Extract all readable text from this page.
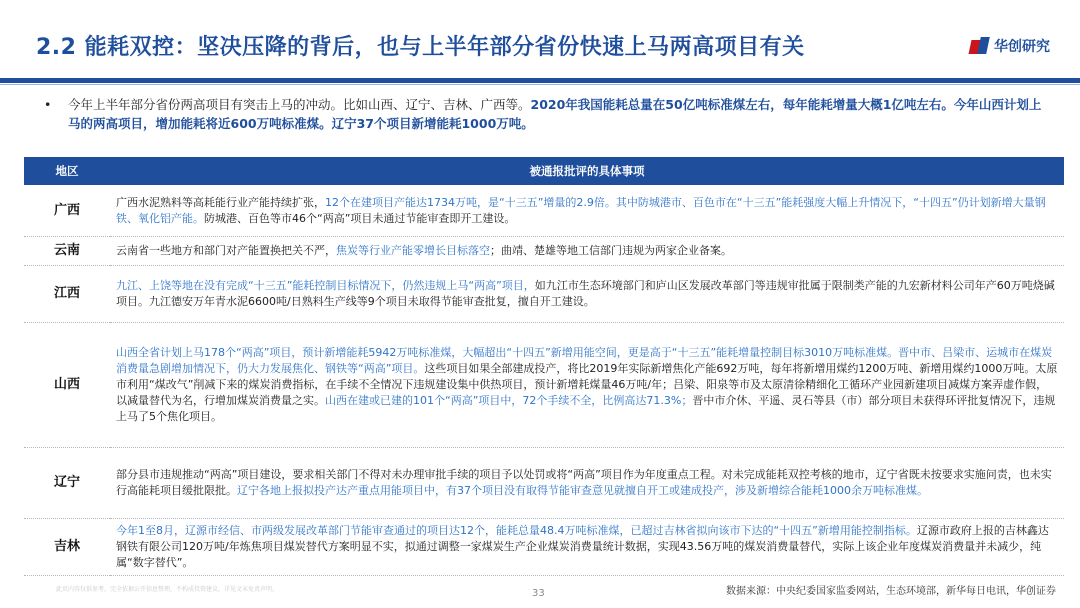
2.2 能耗双控：坚决压降的背后，也与上半年部分省份快速上马两高项目有关	华创研究
• 今年上半年部分省份两高项目有突击上马的冲动。比如山西、辽宁、吉林、广西等。2020年我国能耗总量在50亿吨标准煤左右，每年能耗增量大概1亿吨左右。今年山西计划上马的两高项目，增加能耗将近600万吨标准煤。辽宁37个项目新增能耗1000万吨。
地区	被通报批评的具体事项
广西	广西水泥熟料等高耗能行业产能持续扩张，12个在建项目产能达1734万吨，是“十三五”增量的2.9倍。其中防城港市、百色市在“十三五”能耗强度大幅上升情况下，“十四五”仍计划新增大量钢铁、氧化铝产能。防城港、百色等市46个“两高”项目未通过节能审查即开工建设。
云南	云南省一些地方和部门对产能置换把关不严，焦炭等行业产能零增长目标落空；曲靖、楚雄等地工信部门违规为两家企业备案。
江西	九江、上饶等地在没有完成“十三五”能耗控制目标情况下，仍然违规上马“两高”项目，如九江市生态环境部门和庐山区发展改革部门等违规审批属于限制类产能的九宏新材料公司年产60万吨烧碱项目。九江德安万年青水泥6600吨/日熟料生产线等9个项目未取得节能审查批复，擅自开工建设。
山西	山西全省计划上马178个“两高”项目，预计新增能耗5942万吨标准煤，大幅超出“十四五”新增用能空间，更是高于“十三五”能耗增量控制目标3010万吨标准煤。晋中市、吕梁市、运城市在煤炭消费量急剧增加情况下，仍大力发展焦化、钢铁等“两高”项目。这些项目如果全部建成投产，将比2019年实际新增焦化产能692万吨，每年将新增用煤约1200万吨、新增用煤约1000万吨。太原市利用“煤改气”削减下来的煤炭消费指标，在手续不全情况下违规建设集中供热项目，预计新增耗煤量46万吨/年；吕梁、阳泉等市及太原清徐精细化工循环产业园新建项目减煤方案弄虚作假，以减量替代为名，行增加煤炭消费量之实。山西在建或已建的101个“两高”项目中，72个手续不全，比例高达71.3%；晋中市介休、平遥、灵石等县（市）部分项目未获得环评批复情况下，违规上马了5个焦化项目。
辽宁	部分县市违规推动“两高”项目建设，要求相关部门不得对未办理审批手续的项目予以处罚或将“两高”项目作为年度重点工程。对未完成能耗双控考核的地市，辽宁省既未按要求实施问责，也未实行高能耗项目缓批限批。辽宁各地上报拟投产达产重点用能项目中，有37个项目没有取得节能审查意见就擅自开工或建成投产，涉及新增综合能耗1000余万吨标准煤。
吉林	今年1至8月，辽源市经信、市两级发展改革部门节能审查通过的项目达12个，能耗总量48.4万吨标准煤，已超过吉林省拟向该市下达的“十四五”新增用能控制指标。辽源市政府上报的吉林鑫达钢铁有限公司120万吨/年炼焦项目煤炭替代方案明显不实，拟通过调整一家煤炭生产企业煤炭消费量统计数据，实现43.56万吨的煤炭消费量替代，实际上该企业年度煤炭消费量并未减少，纯属“数字替代”。
此页内容仅供参考，完全依据公开信息整理，不构成投资建议，详见文末免责声明。	33	数据来源：中央纪委国家监委网站，生态环境部，新华每日电讯，华创证券
